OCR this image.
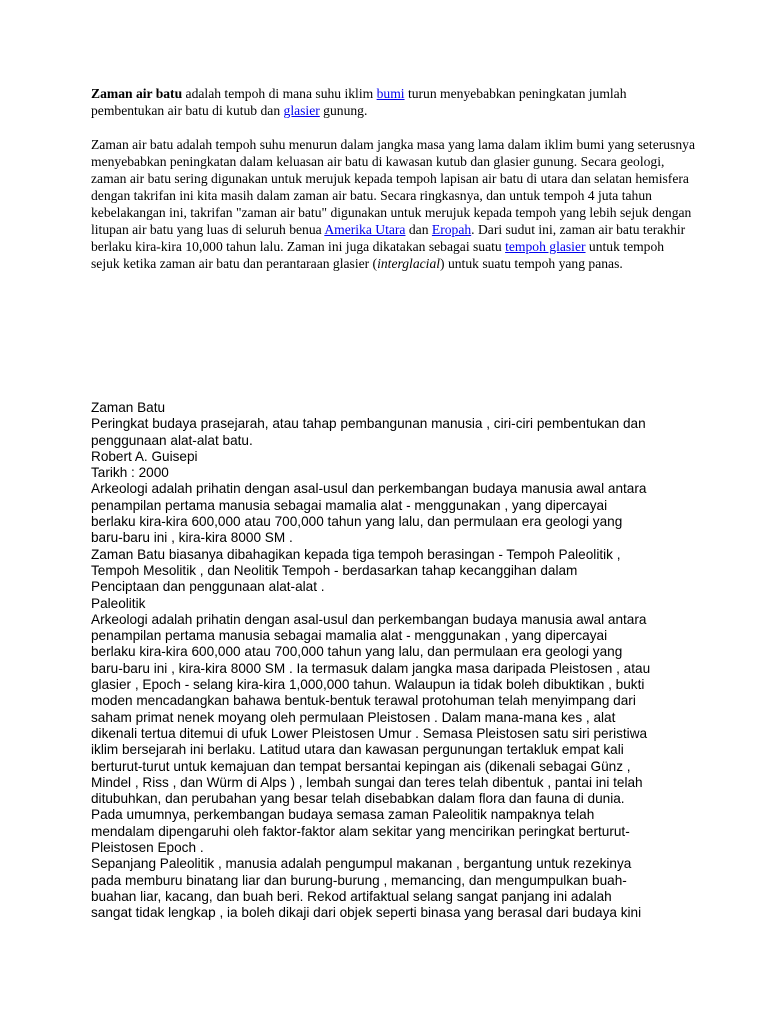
Zaman air batu adalah tempoh di mana suhu iklim bumi turun menyebabkan peningkatan jumlah pembentukan air batu di kutub dan glasier gunung.

Zaman air batu adalah tempoh suhu menurun dalam jangka masa yang lama dalam iklim bumi yang seterusnya menyebabkan peningkatan dalam keluasan air batu di kawasan kutub dan glasier gunung. Secara geologi, zaman air batu sering digunakan untuk merujuk kepada tempoh lapisan air batu di utara dan selatan hemisfera dengan takrifan ini kita masih dalam zaman air batu. Secara ringkasnya, dan untuk tempoh 4 juta tahun kebelakangan ini, takrifan "zaman air batu" digunakan untuk merujuk kepada tempoh yang lebih sejuk dengan litupan air batu yang luas di seluruh benua Amerika Utara dan Eropah. Dari sudut ini, zaman air batu terakhir berlaku kira-kira 10,000 tahun lalu. Zaman ini juga dikatakan sebagai suatu tempoh glasier untuk tempoh sejuk ketika zaman air batu dan perantaraan glasier (interglacial) untuk suatu tempoh yang panas.

Zaman Batu
Peringkat budaya prasejarah, atau tahap pembangunan manusia , ciri-ciri pembentukan dan
penggunaan alat-alat batu.
Robert A. Guisepi
Tarikh : 2000
Arkeologi adalah prihatin dengan asal-usul dan perkembangan budaya manusia awal antara
penampilan pertama manusia sebagai mamalia alat - menggunakan , yang dipercayai
berlaku kira-kira 600,000 atau 700,000 tahun yang lalu, dan permulaan era geologi yang
baru-baru ini , kira-kira 8000 SM .
Zaman Batu biasanya dibahagikan kepada tiga tempoh berasingan - Tempoh Paleolitik ,
Tempoh Mesolitik , dan Neolitik Tempoh - berdasarkan tahap kecanggihan dalam
Penciptaan dan penggunaan alat-alat .
Paleolitik
Arkeologi adalah prihatin dengan asal-usul dan perkembangan budaya manusia awal antara
penampilan pertama manusia sebagai mamalia alat - menggunakan , yang dipercayai
berlaku kira-kira 600,000 atau 700,000 tahun yang lalu, dan permulaan era geologi yang
baru-baru ini , kira-kira 8000 SM . Ia termasuk dalam jangka masa daripada Pleistosen , atau
glasier , Epoch - selang kira-kira 1,000,000 tahun. Walaupun ia tidak boleh dibuktikan , bukti
moden mencadangkan bahawa bentuk-bentuk terawal protohuman telah menyimpang dari
saham primat nenek moyang oleh permulaan Pleistosen . Dalam mana-mana kes , alat
dikenali tertua ditemui di ufuk Lower Pleistosen Umur . Semasa Pleistosen satu siri peristiwa
iklim bersejarah ini berlaku. Latitud utara dan kawasan pergunungan tertakluk empat kali
berturut-turut untuk kemajuan dan tempat bersantai kepingan ais (dikenali sebagai Günz ,
Mindel , Riss , dan Würm di Alps ) , lembah sungai dan teres telah dibentuk , pantai ini telah
ditubuhkan, dan perubahan yang besar telah disebabkan dalam flora dan fauna di dunia.
Pada umumnya, perkembangan budaya semasa zaman Paleolitik nampaknya telah
mendalam dipengaruhi oleh faktor-faktor alam sekitar yang mencirikan peringkat berturut-
Pleistosen Epoch .
Sepanjang Paleolitik , manusia adalah pengumpul makanan , bergantung untuk rezekinya
pada memburu binatang liar dan burung-burung , memancing, dan mengumpulkan buah-
buahan liar, kacang, dan buah beri. Rekod artifaktual selang sangat panjang ini adalah
sangat tidak lengkap , ia boleh dikaji dari objek seperti binasa yang berasal dari budaya kini
